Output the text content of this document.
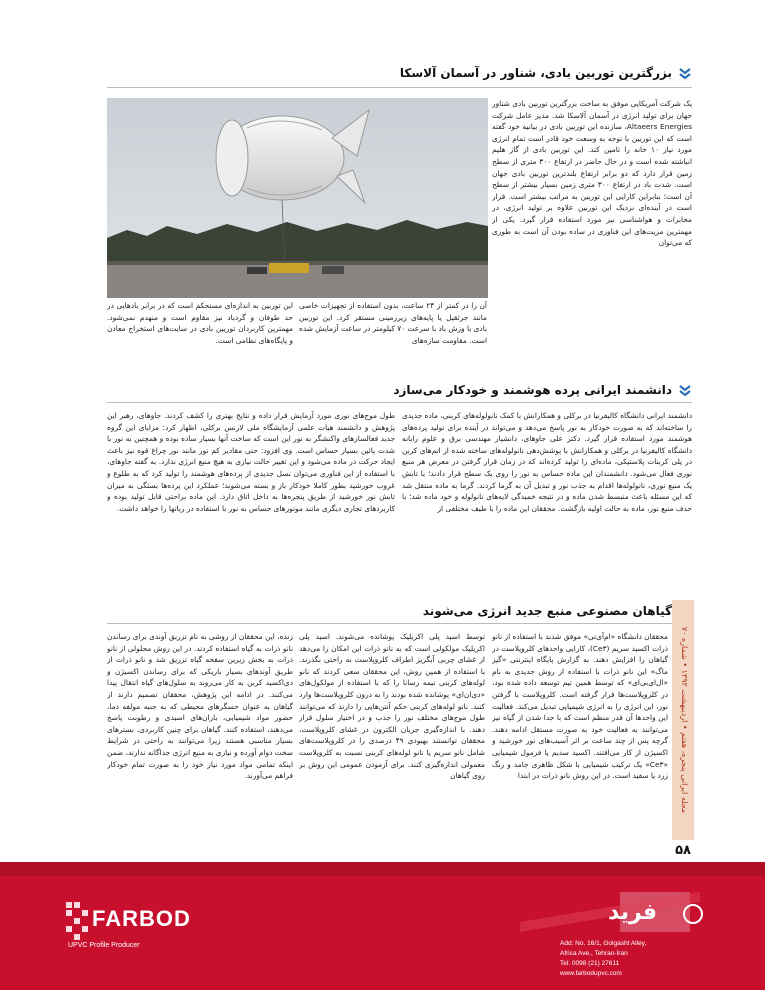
بزرگترین توربین بادی، شناور در آسمان آلاسکا
یک شرکت آمریکایی موفق به ساخت بزرگترین توربین بادی شناور جهان برای تولید انرژی در آسمان آلاسکا شد. مدیر عامل شرکت Altaeers Energies، سازنده این توربین بادی در بیانیه خود گفته است که این توربین با توجه به وسعت خود قادر است تمام انرژی مورد نیاز ۱۰ خانه را تامین کند. این توربین بادی از گاز هلیم انباشته شده است و در حال حاضر در ارتفاع ۳۰۰ متری از سطح زمین قرار دارد که دو برابر ارتفاع بلندترین توربین بادی جهان است. شدت باد در ارتفاع ۳۰۰ متری زمین بسیار بیشتر از سطح آن است؛ بنابراین کارایی این توربین به مراتب بیشتر است. قرار است در آینده‌ای نزدیک این توربین علاوه بر تولید انرژی، در مخابرات و هواشناسی نیز مورد استفاده قرار گیرد. یکی از مهمترین مزیت‌های این فناوری در ساده بودن آن است به طوری که می‌توان
آن را در کمتر از ۲۴ ساعت، بدون استفاده از تجهیزات خاصی مانند جرثقیل یا پایه‌های زیرزمینی مستقر کرد. این توربین بادی با وزش باد با سرعت ۷۰ کیلومتر در ساعت آزمایش شده است. مقاومت سازه‌های
این توربین به اندازه‌ای مستحکم است که در برابر بادهایی در حد طوفان و گردباد نیز مقاوم است و منهدم نمی‌شود. مهمترین کاربردان توربین بادی در سایت‌های استخراج معادن و پایگاه‌های نظامی است.
دانشمند ایرانی پرده هوشمند و خودکار می‌سازد
دانشمند ایرانی دانشگاه کالیفرنیا در برکلی و همکارانش با کمک نانولوله‌های کربنی، ماده جدیدی را ساخته‌اند که به صورت خودکار به نور پاسخ می‌دهد و می‌تواند در آینده برای تولید پرده‌های هوشمند مورد استفاده قرار گیرد. دکتر علی جاوهای، دانشیار مهندسی برق و علوم رایانه دانشگاه کالیفرنیا در برکلی و همکارانش با پوشش‌دهی نانولوله‌های ساخته شده از اتم‌های کربن در پلی کربنات پلاستیکی، ماده‌ای را تولید کرده‌اند که در زمان قرار گرفتن در معرض هر منبع نوری فعال می‌شود. دانشمندان این ماده حساس به نور را روی یک سطح قرار دادند؛ با تابش یک منبع نوری، نانولوله‌ها اقدام به جذب نور و تبدیل آن به گرما کردند. گرما به ماده منتقل شد که این مسئله باعث منبسط شدن ماده و در نتیجه خمیدگی لایه‌های نانولوله و خود ماده شد؛ با حذف منبع نور، ماده به حالت اولیه بازگشت. محققان این ماده را با طیف مختلفی از
طول موج‌های نوری مورد آزمایش قرار داده و نتایج بهتری را کشف کردند. جاوهای، رهبر این پژوهش و دانشمند هیات علمی آزمایشگاه ملی لارنس برکلی، اظهار کرد: مزایای این گروه جدید فعالسازهای واکنشگر به نور این است که ساخت آنها بسیار ساده بوده و همچنین به نور با شدت پائین بسیار حساس است. وی افزود: حتی مقادیر کم نور مانند نور چراغ قوه نیز باعث ایجاد حرکت در ماده می‌شود و این تغییر حالت نیازی به هیچ منبع انرژی ندارد. به گفته جاوهای، با استفاده از این فناوری می‌توان نسل جدیدی از پرده‌های هوشمند را تولید کرد که به طلوع و غروب خورشید بطور کاملا خودکار باز و بسته می‌شوند؛ عملکرد این پرده‌ها بستگی به میزان تابش نور خورشید از طریق پنجره‌ها به داخل اتاق دارد. این ماده براحتی قابل تولید بوده و کاربردهای تجاری دیگری مانند موتورهای حساس به نور با استفاده در رباتها را خواهد داشت.
گیاهان مصنوعی منبع جدید انرژی می‌شوند
محققان دانشگاه «ام‌آی‌تی» موفق شدند با استفاده از نانو ذرات اکسید سریم (Ce۳)، کارایی واحدهای کلروپلاست در گیاهان را افزایش دهند. به گزارش پایگاه اینترنتی «گیز ماگ» این نانو ذرات با استفاده از روش جدیدی به نام «ال‌ای‌بی‌ای» که توسط همین تیم توسعه داده شده بود، در کلروپلاست‌ها قرار گرفته است. کلروپلاست با گرفتن نور، این انرژی را به انرژی شیمیایی تبدیل می‌کند. فعالیت این واحدها آن قدر منظم است که با جدا شدن از گیاه نیز می‌توانند به فعالیت خود به صورت مستقل ادامه دهند. گرچه پس از چند ساعت بر اثر آسیب‌های نور خورشید و اکسیژن از کار می‌افتند. اکسید سدیم یا فرمول شیمیایی «Ce۳» یک ترکیب شیمیایی با شکل ظاهری جامد و رنگ زرد یا سفید است. در این روش نانو ذرات در ابتدا
توسط اسید پلی اکریلیک پوشانده می‌شوند. اسید پلی اکریلیک مولکولی است که به نانو ذرات این امکان را می‌دهد از غشای چربی آبگریز اطراف کلروپلاست به راحتی بگذرند. با استفاده از همین روش، این محققان سعی کردند که نانو لوله‌های کربنی نیمه رسانا را که با استفاده از مولکول‌های «دی‌ان‌ای» پوشانده شده بودند را به درون کلروپلاست‌ها وارد کنند. نانو لوله‌های کربنی حکم آنتن‌هایی را دارند که می‌توانند طول موج‌های مختلف نور را جذب و در اختیار سلول قرار دهند. با اندازه‌گیری جریان الکترون در غشای کلروپلاست، محققان توانستند بهبودی ۴۹ درصدی را در کلروپلاست‌های شامل نانو سریم یا نانو لوله‌های کربنی نسبت به کلروپلاست معمولی اندازه‌گیری کنند. برای آزمودن عمومی این روش بر روی گیاهان
زنده، این محققان از روشی به نام تزریق آوندی برای رساندن نانو ذرات به گیاه استفاده کردند. در این روش محلولی از نانو ذرات به بخش زیرین سفحه گیاه تزریق شد و نانو ذرات از طریق آوندهای بسیار باریکی که برای رساندن اکسیژن و دی‌اکسید کربن به کار می‌روند به سلول‌های گیاه انتقال پیدا می‌کنند. در ادامه این پژوهش، محققان تصمیم دارند از گیاهان به عنوان حسگرهای محیطی که به جنبه مولفه دما، حضور مواد شیمیایی، باران‌های اسیدی و رطوبت پاسخ می‌دهند، استفاده کنند. گیاهان برای چنین کاربردی، بسترهای بسیار مناسبی هستند زیرا می‌توانند به راحتی در شرایط سخت دوام آورده و نیازی به منبع انرژی جداگانه ندارند، ضمن اینکه تمامی مواد مورد نیاز خود را به صورت تمام خودکار فراهم می‌آورند.
مجله ایرانی پنجره، هفتم • اردیبهشت ۱۳۹۲ • شماره ۷۰
۵۸
FARBOD
UPVC Profile Producer
فرید
Add: No. 16/1, Golgasht Alley,
Africa Ave., Tehran-Iran
Tel: 0098 (21) 27611
www.farbodupvc.com
